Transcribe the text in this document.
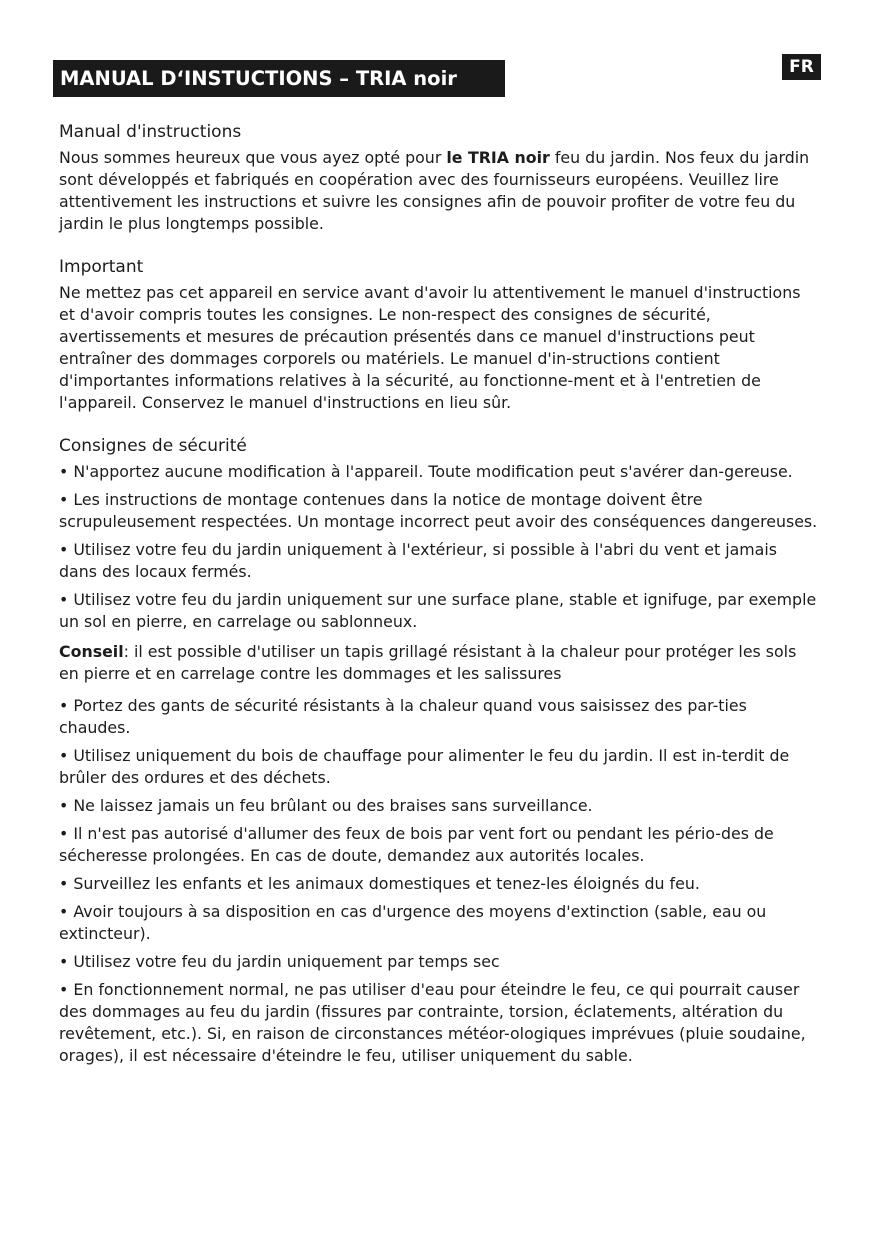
FR
MANUAL D‘INSTUCTIONS – TRIA noir
Manual d'instructions

Nous sommes heureux que vous ayez opté pour le TRIA noir feu du jardin. Nos feux du jardin sont développés et fabriqués en coopération avec des fournisseurs européens. Veuillez lire attentivement les instructions et suivre les consignes afin de pouvoir profiter de votre feu du jardin le plus longtemps possible.

Important

Ne mettez pas cet appareil en service avant d'avoir lu attentivement le manuel d'instructions et d'avoir compris toutes les consignes. Le non-respect des consignes de sécurité, avertissements et mesures de précaution présentés dans ce manuel d'instructions peut entraîner des dommages corporels ou matériels. Le manuel d'in-structions contient d'importantes informations relatives à la sécurité, au fonctionne-ment et à l'entretien de l'appareil. Conservez le manuel d'instructions en lieu sûr.

Consignes de sécurité

• N'apportez aucune modification à l'appareil. Toute modification peut s'avérer dan-gereuse.

• Les instructions de montage contenues dans la notice de montage doivent être scrupuleusement respectées. Un montage incorrect peut avoir des conséquences dangereuses.

• Utilisez votre feu du jardin uniquement à l'extérieur, si possible à l'abri du vent et jamais dans des locaux fermés.

• Utilisez votre feu du jardin uniquement sur une surface plane, stable et ignifuge, par exemple un sol en pierre, en carrelage ou sablonneux.

Conseil: il est possible d'utiliser un tapis grillagé résistant à la chaleur pour protéger les sols en pierre et en carrelage contre les dommages et les salissures

• Portez des gants de sécurité résistants à la chaleur quand vous saisissez des par-ties chaudes.

• Utilisez uniquement du bois de chauffage pour alimenter le feu du jardin. Il est in-terdit de brûler des ordures et des déchets.

• Ne laissez jamais un feu brûlant ou des braises sans surveillance.

• Il n'est pas autorisé d'allumer des feux de bois par vent fort ou pendant les pério-des de sécheresse prolongées. En cas de doute, demandez aux autorités locales.

• Surveillez les enfants et les animaux domestiques et tenez-les éloignés du feu.

• Avoir toujours à sa disposition en cas d'urgence des moyens d'extinction (sable, eau ou extincteur).

• Utilisez votre feu du jardin uniquement par temps sec

• En fonctionnement normal, ne pas utiliser d'eau pour éteindre le feu, ce qui pourrait causer des dommages au feu du jardin (fissures par contrainte, torsion, éclatements, altération du revêtement, etc.). Si, en raison de circonstances météor-ologiques imprévues (pluie soudaine, orages), il est nécessaire d'éteindre le feu, utiliser uniquement du sable.
